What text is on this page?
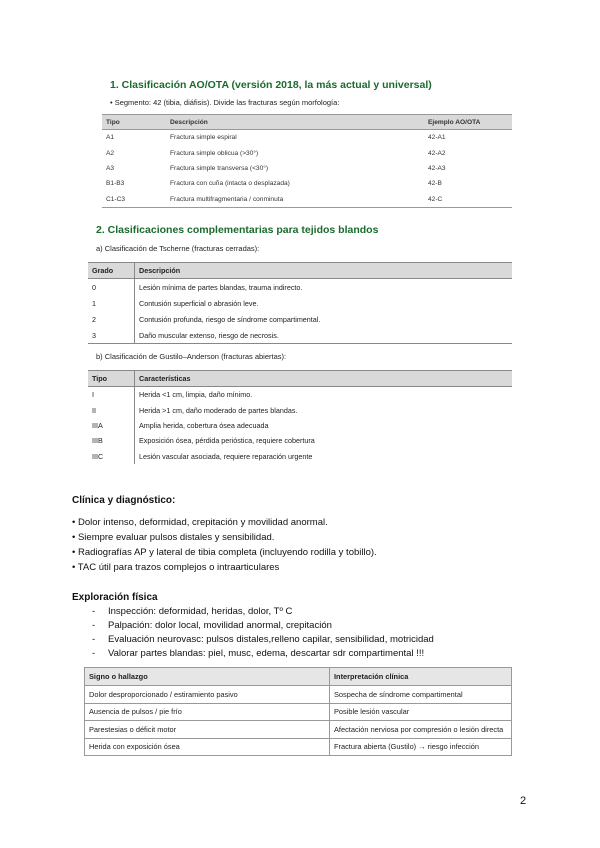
1. Clasificación AO/OTA (versión 2018, la más actual y universal)
• Segmento: 42 (tibia, diáfisis). Divide las fracturas según morfología:
Tipo	Descripción	Ejemplo AO/OTA
A1	Fractura simple espiral	42-A1
A2	Fractura simple oblicua (>30°)	42-A2
A3	Fractura simple transversa (<30°)	42-A3
B1-B3	Fractura con cuña (intacta o desplazada)	42-B
C1-C3	Fractura multifragmentaria / conminuta	42-C
2. Clasificaciones complementarias para tejidos blandos
a) Clasificación de Tscherne (fracturas cerradas):
Grado	Descripción
0	Lesión mínima de partes blandas, trauma indirecto.
1	Contusión superficial o abrasión leve.
2	Contusión profunda, riesgo de síndrome compartimental.
3	Daño muscular extenso, riesgo de necrosis.
b) Clasificación de Gustilo–Anderson (fracturas abiertas):
Tipo	Características
I	Herida <1 cm, limpia, daño mínimo.
II	Herida >1 cm, daño moderado de partes blandas.
IIIA	Amplia herida, cobertura ósea adecuada
IIIB	Exposición ósea, pérdida perióstica, requiere cobertura
IIIC	Lesión vascular asociada, requiere reparación urgente
Clínica y diagnóstico:
• Dolor intenso, deformidad, crepitación y movilidad anormal.
• Siempre evaluar pulsos distales y sensibilidad.
• Radiografías AP y lateral de tibia completa (incluyendo rodilla y tobillo).
• TAC útil para trazos complejos o intraarticulares
Exploración física
- Inspección: deformidad, heridas, dolor, Tº C
- Palpación: dolor local, movilidad anormal, crepitación
- Evaluación neurovasc: pulsos distales,relleno capilar, sensibilidad, motricidad
- Valorar partes blandas: piel, musc, edema, descartar sdr compartimental !!!
Signo o hallazgo	Interpretación clínica
Dolor desproporcionado / estiramiento pasivo	Sospecha de síndrome compartimental
Ausencia de pulsos / pie frío	Posible lesión vascular
Parestesias o déficit motor	Afectación nerviosa por compresión o lesión directa
Herida con exposición ósea	Fractura abierta (Gustilo) → riesgo infección
2
